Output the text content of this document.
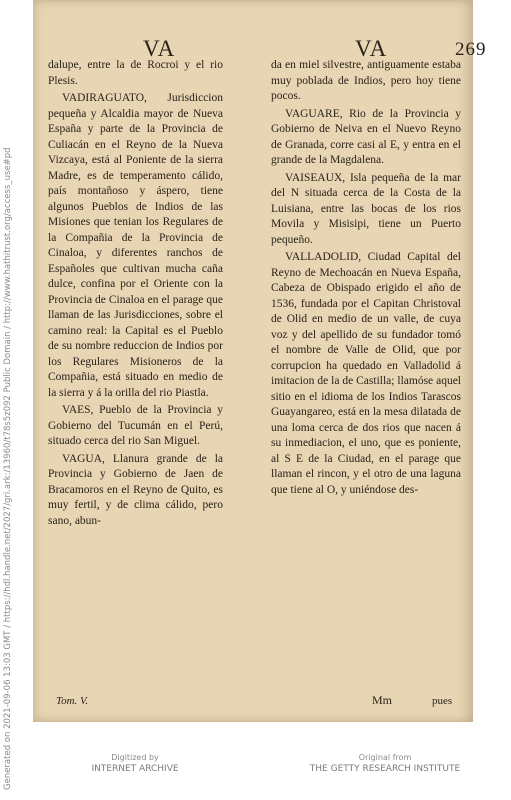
VA	VA	269

dalupe, entre la de Rocroi y el rio Plesis.

VADIRAGUATO, Jurisdiccion pequeña y Alcaldia mayor de Nueva España y parte de la Provincia de Culiacán en el Reyno de la Nueva Vizcaya, está al Poniente de la sierra Madre, es de temperamento cálido, país montañoso y áspero, tiene algunos Pueblos de Indios de las Misiones que tenian los Regulares de la Compañia de la Provincia de Cinaloa, y diferentes ranchos de Españoles que cultivan mucha caña dulce, confina por el Oriente con la Provincia de Cinaloa en el parage que llaman de las Jurisdicciones, sobre el camino real: la Capital es el Pueblo de su nombre reduccion de Indios por los Regulares Misioneros de la Compañia, está situado en medio de la sierra y á la orilla del rio Piastla.

VAES, Pueblo de la Provincia y Gobierno del Tucumán en el Perú, situado cerca del rio San Miguel.

VAGUA, Llanura grande de la Provincia y Gobierno de Jaen de Bracamoros en el Reyno de Quito, es muy fertil, y de clima cálido, pero sano, abun-

da en miel silvestre, antiguamente estaba muy poblada de Indios, pero hoy tiene pocos.

VAGUARE, Rio de la Provincia y Gobierno de Neiva en el Nuevo Reyno de Granada, corre casi al E, y entra en el grande de la Magdalena.

VAISEAUX, Isla pequeña de la mar del N situada cerca de la Costa de la Luisiana, entre las bocas de los rios Movila y Misisipi, tiene un Puerto pequeño.

VALLADOLID, Ciudad Capital del Reyno de Mechoacán en Nueva España, Cabeza de Obispado erigido el año de 1536, fundada por el Capitan Christoval de Olid en medio de un valle, de cuya voz y del apellido de su fundador tomó el nombre de Valle de Olid, que por corrupcion ha quedado en Valladolid á imitacion de la de Castilla; llamóse aquel sitio en el idioma de los Indios Tarascos Guayangareo, está en la mesa dilatada de una loma cerca de dos rios que nacen á su inmediacion, el uno, que es poniente, al S E de la Ciudad, en el parage que llaman el rincon, y el otro de una laguna que tiene al O, y uniéndose des-

Tom. V.	Mm	pues
Generated on 2021-09-06 13:03 GMT / https://hdl.handle.net/2027/gri.ark:/13960/t78s5z092 Public Domain / http://www.hathitrust.org/access_use#pd	Digitized by
INTERNET ARCHIVE
Original from
THE GETTY RESEARCH INSTITUTE
